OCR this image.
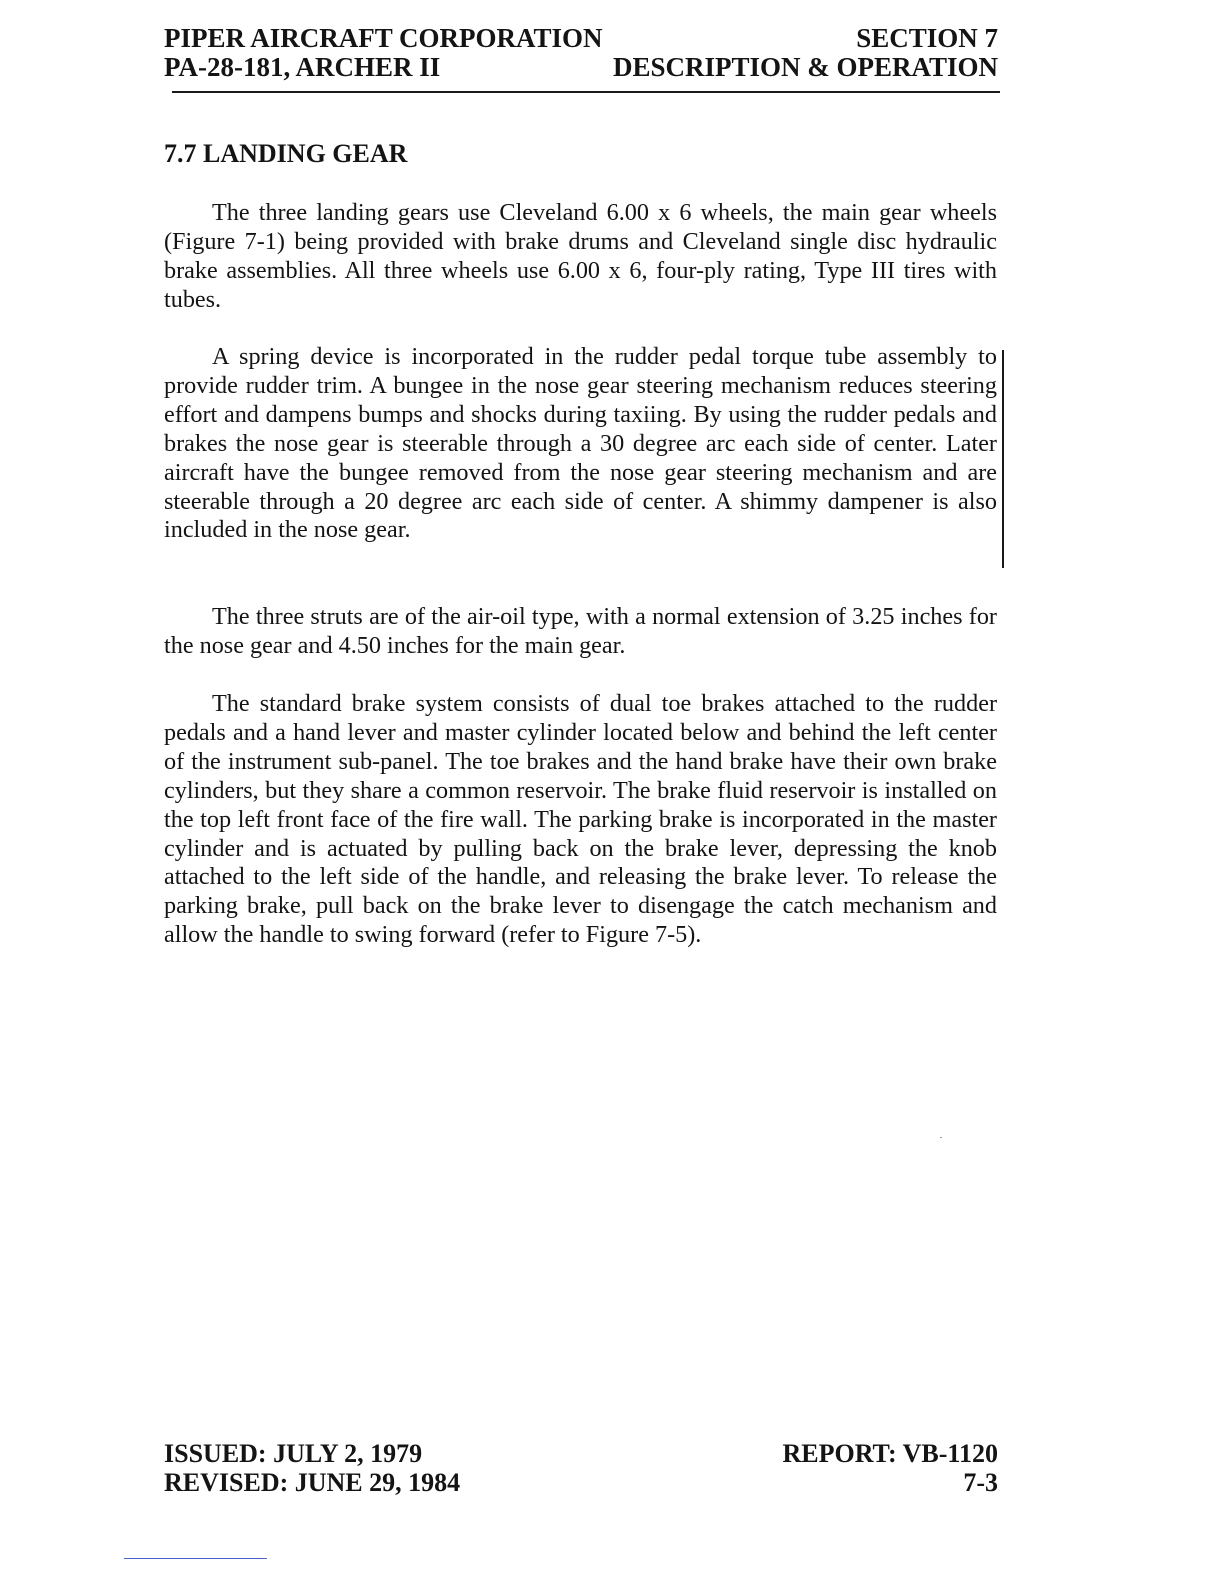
PIPER AIRCRAFT CORPORATION	SECTION 7
PA-28-181, ARCHER II	DESCRIPTION & OPERATION
7.7 LANDING GEAR

The three landing gears use Cleveland 6.00 x 6 wheels, the main gear wheels (Figure 7-1) being provided with brake drums and Cleveland single disc hydraulic brake assemblies. All three wheels use 6.00 x 6, four-ply rating, Type III tires with tubes.

A spring device is incorporated in the rudder pedal torque tube assembly to provide rudder trim. A bungee in the nose gear steering mechanism reduces steering effort and dampens bumps and shocks during taxiing. By using the rudder pedals and brakes the nose gear is steerable through a 30 degree arc each side of center. Later aircraft have the bungee removed from the nose gear steering mechanism and are steerable through a 20 degree arc each side of center. A shimmy dampener is also included in the nose gear.

The three struts are of the air-oil type, with a normal extension of 3.25 inches for the nose gear and 4.50 inches for the main gear.

The standard brake system consists of dual toe brakes attached to the rudder pedals and a hand lever and master cylinder located below and behind the left center of the instrument sub-panel. The toe brakes and the hand brake have their own brake cylinders, but they share a common reservoir. The brake fluid reservoir is installed on the top left front face of the fire wall. The parking brake is incorporated in the master cylinder and is actuated by pulling back on the brake lever, depressing the knob attached to the left side of the handle, and releasing the brake lever. To release the parking brake, pull back on the brake lever to disengage the catch mechanism and allow the handle to swing forward (refer to Figure 7-5).

ISSUED: JULY 2, 1979	REPORT: VB-1120
REVISED: JUNE 29, 1984	7-3
